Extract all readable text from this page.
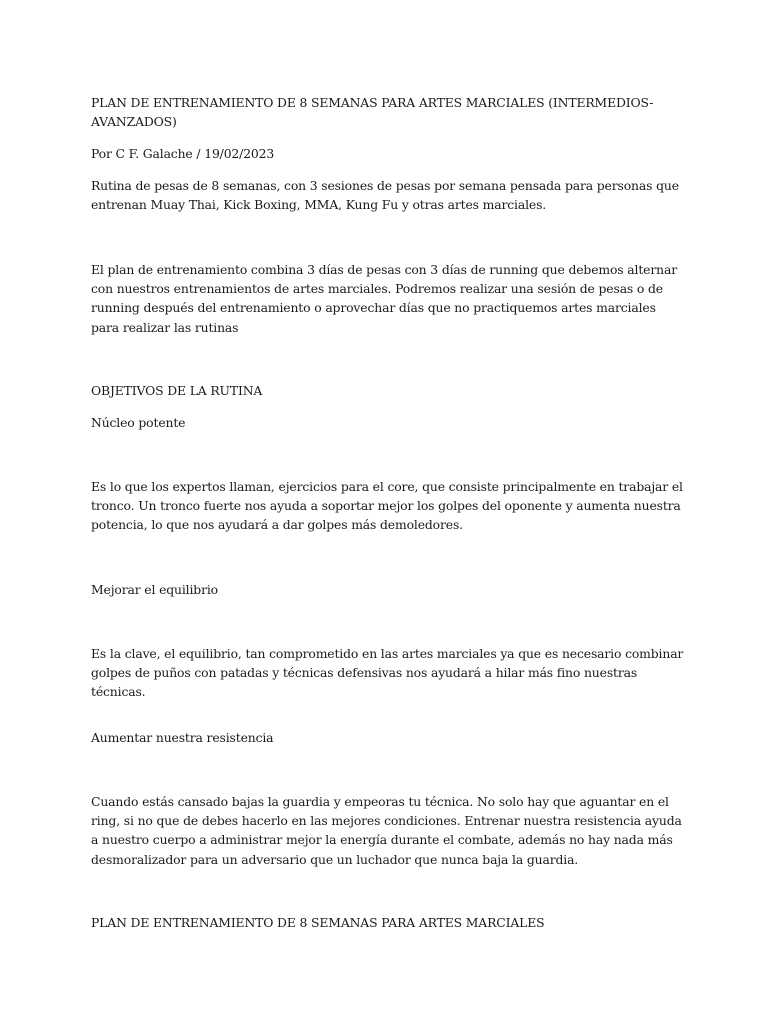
PLAN DE ENTRENAMIENTO DE 8 SEMANAS PARA ARTES MARCIALES (INTERMEDIOS-AVANZADOS)

Por C F. Galache / 19/02/2023

Rutina de pesas de 8 semanas, con 3 sesiones de pesas por semana pensada para personas que entrenan Muay Thai, Kick Boxing, MMA, Kung Fu y otras artes marciales.

El plan de entrenamiento combina 3 días de pesas con 3 días de running que debemos alternar con nuestros entrenamientos de artes marciales. Podremos realizar una sesión de pesas o de running después del entrenamiento o aprovechar días que no practiquemos artes marciales para realizar las rutinas

OBJETIVOS DE LA RUTINA

Núcleo potente

Es lo que los expertos llaman, ejercicios para el core, que consiste principalmente en trabajar el tronco. Un tronco fuerte nos ayuda a soportar mejor los golpes del oponente y aumenta nuestra potencia, lo que nos ayudará a dar golpes más demoledores.

Mejorar el equilibrio

Es la clave, el equilibrio, tan comprometido en las artes marciales ya que es necesario combinar golpes de puños con patadas y técnicas defensivas nos ayudará a hilar más fino nuestras técnicas.

Aumentar nuestra resistencia

Cuando estás cansado bajas la guardia y empeoras tu técnica. No solo hay que aguantar en el ring, si no que de debes hacerlo en las mejores condiciones. Entrenar nuestra resistencia ayuda a nuestro cuerpo a administrar mejor la energía durante el combate, además no hay nada más desmoralizador para un adversario que un luchador que nunca baja la guardia.

PLAN DE ENTRENAMIENTO DE 8 SEMANAS PARA ARTES MARCIALES
